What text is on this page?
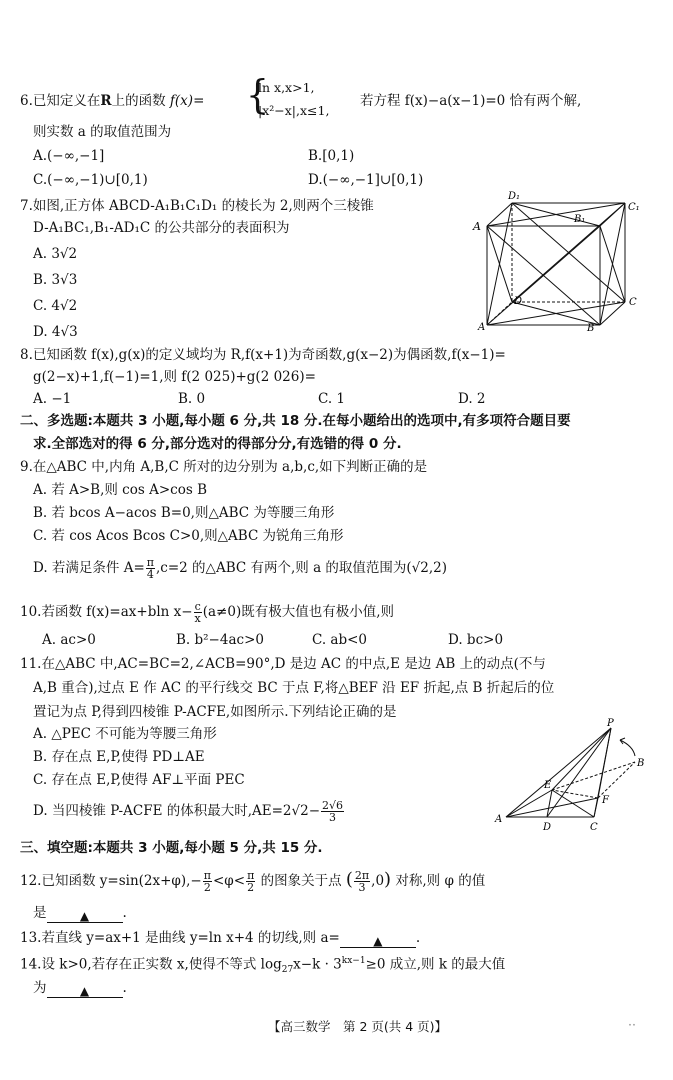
6.已知定义在R上的函数 f(x)= {
ln x,x>1,
|x²−x|,x≤1,
若方程 f(x)−a(x−1)=0 恰有两个解,
则实数 a 的取值范围为
A.(−∞,−1]	B.[0,1)
C.(−∞,−1)∪[0,1)	D.(−∞,−1]∪[0,1)
7.如图,正方体 ABCD-A₁B₁C₁D₁ 的棱长为 2,则两个三棱锥
D-A₁BC₁,B₁-AD₁C 的公共部分的表面积为
A. 3√2
B. 3√3
C. 4√2
D. 4√3
A
D₁
B₁
C₁
A
D
B
C
8.已知函数 f(x),g(x)的定义域均为 R,f(x+1)为奇函数,g(x−2)为偶函数,f(x−1)=
g(2−x)+1,f(−1)=1,则 f(2 025)+g(2 026)=
A. −1	B. 0	C. 1	D. 2
二、多选题:本题共 3 小题,每小题 6 分,共 18 分.在每小题给出的选项中,有多项符合题目要
求.全部选对的得 6 分,部分选对的得部分分,有选错的得 0 分.
9.在△ABC 中,内角 A,B,C 所对的边分别为 a,b,c,如下判断正确的是
A. 若 A>B,则 cos A>cos B
B. 若 bcos A−acos B=0,则△ABC 为等腰三角形
C. 若 cos Acos Bcos C>0,则△ABC 为锐角三角形
D. 若满足条件 $A= \frac{\pi}{4} ,c=2$ 的△ABC 有两个,则 a 的取值范围为(√2,2)
10.若函数 f(x)=ax+bln $x- \frac{c}{x} (a\ne 0)$既有极大值也有极小值,则
A. ac>0	B. b²−4ac>0	C. ab<0	D. bc>0
11.在△ABC 中,AC=BC=2,∠ACB=90°,D 是边 AC 的中点,E 是边 AB 上的动点(不与
A,B 重合),过点 E 作 AC 的平行线交 BC 于点 F,将△BEF 沿 EF 折起,点 B 折起后的位
置记为点 P,得到四棱锥 P-ACFE,如图所示.下列结论正确的是
A. △PEC 不可能为等腰三角形
B. 存在点 E,P,使得 PD⊥AE
C. 存在点 E,P,使得 AF⊥平面 PEC
D. 当四棱锥 P-ACFE 的体积最大时$,AE=2√2- \frac{2√6}{3}$
P
B
E
F
A
D	C
三、填空题:本题共 3 小题,每小题 5 分,共 15 分.
12.已知函数 $y=\sin(2x+\varphi),- \frac{\pi}{2} <\varphi< \frac{\pi}{2}$ 的图象关于点 ( $\frac{2\pi}{3} ,0$) 对称,则 φ 的值
是	▲ .
13.若直线 y=ax+1 是曲线 y=ln x+4 的切线,则 a=	▲ .
14.设 k>0,若存在正实数 x,使得不等式 $\log_{27}x-k \cdot 3^{kx-1}\ge 0$ 成立,则 k 的最大值
为	▲ .
【高三数学　第 2 页(共 4 页)】	··
